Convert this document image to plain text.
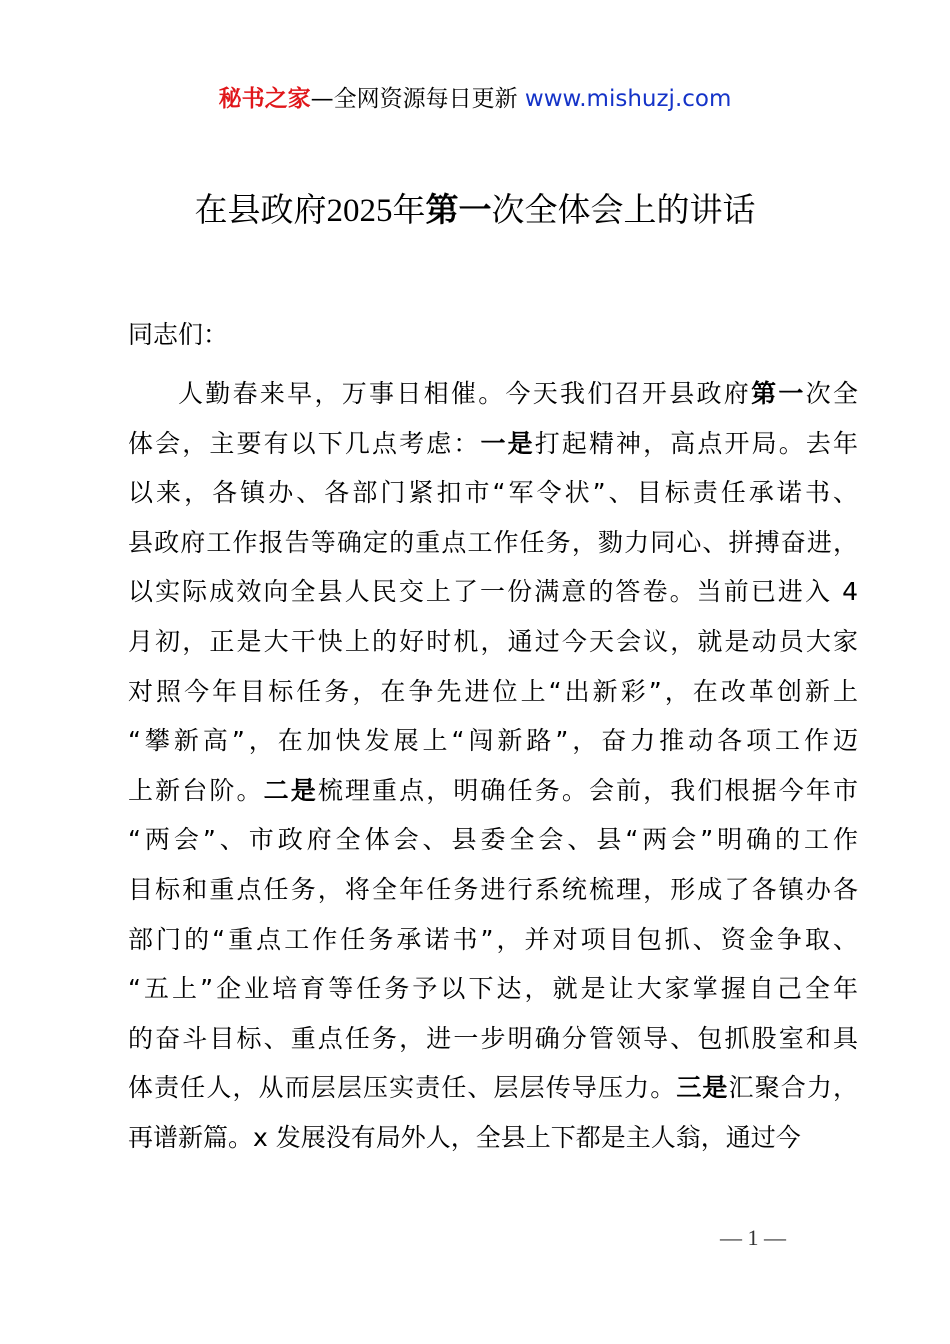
秘书之家—全网资源每日更新 www.mishuzj.com
在县政府2025年第一次全体会上的讲话
同志们：
人勤春来早，万事日相催。今天我们召开县政府第一次全
体会，主要有以下几点考虑：一是打起精神，高点开局。去年
以来，各镇办、各部门紧扣市“军令状”、目标责任承诺书、
县政府工作报告等确定的重点工作任务，勠力同心、拼搏奋进，
以实际成效向全县人民交上了一份满意的答卷。当前已进入 4
月初，正是大干快上的好时机，通过今天会议，就是动员大家
对照今年目标任务，在争先进位上“出新彩”，在改革创新上
“攀新高”，在加快发展上“闯新路”，奋力推动各项工作迈
上新台阶。二是梳理重点，明确任务。会前，我们根据今年市
“两会”、市政府全体会、县委全会、县“两会”明确的工作
目标和重点任务，将全年任务进行系统梳理，形成了各镇办各
部门的“重点工作任务承诺书”，并对项目包抓、资金争取、
“五上”企业培育等任务予以下达，就是让大家掌握自己全年
的奋斗目标、重点任务，进一步明确分管领导、包抓股室和具
体责任人，从而层层压实责任、层层传导压力。三是汇聚合力，
再谱新篇。x 发展没有局外人，全县上下都是主人翁，通过今
— 1 —
